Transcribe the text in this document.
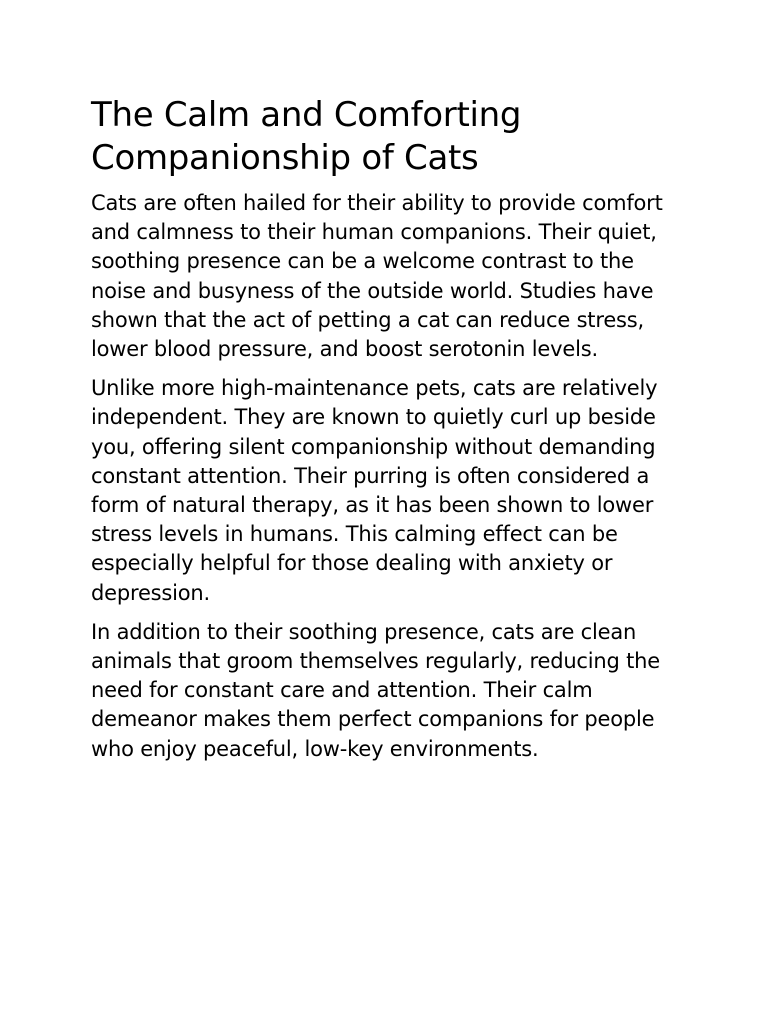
The Calm and Comforting Companionship of Cats

Cats are often hailed for their ability to provide comfort and calmness to their human companions. Their quiet, soothing presence can be a welcome contrast to the noise and busyness of the outside world. Studies have shown that the act of petting a cat can reduce stress, lower blood pressure, and boost serotonin levels.

Unlike more high-maintenance pets, cats are relatively independent. They are known to quietly curl up beside you, offering silent companionship without demanding constant attention. Their purring is often considered a form of natural therapy, as it has been shown to lower stress levels in humans. This calming effect can be especially helpful for those dealing with anxiety or depression.

In addition to their soothing presence, cats are clean animals that groom themselves regularly, reducing the need for constant care and attention. Their calm demeanor makes them perfect companions for people who enjoy peaceful, low-key environments.
